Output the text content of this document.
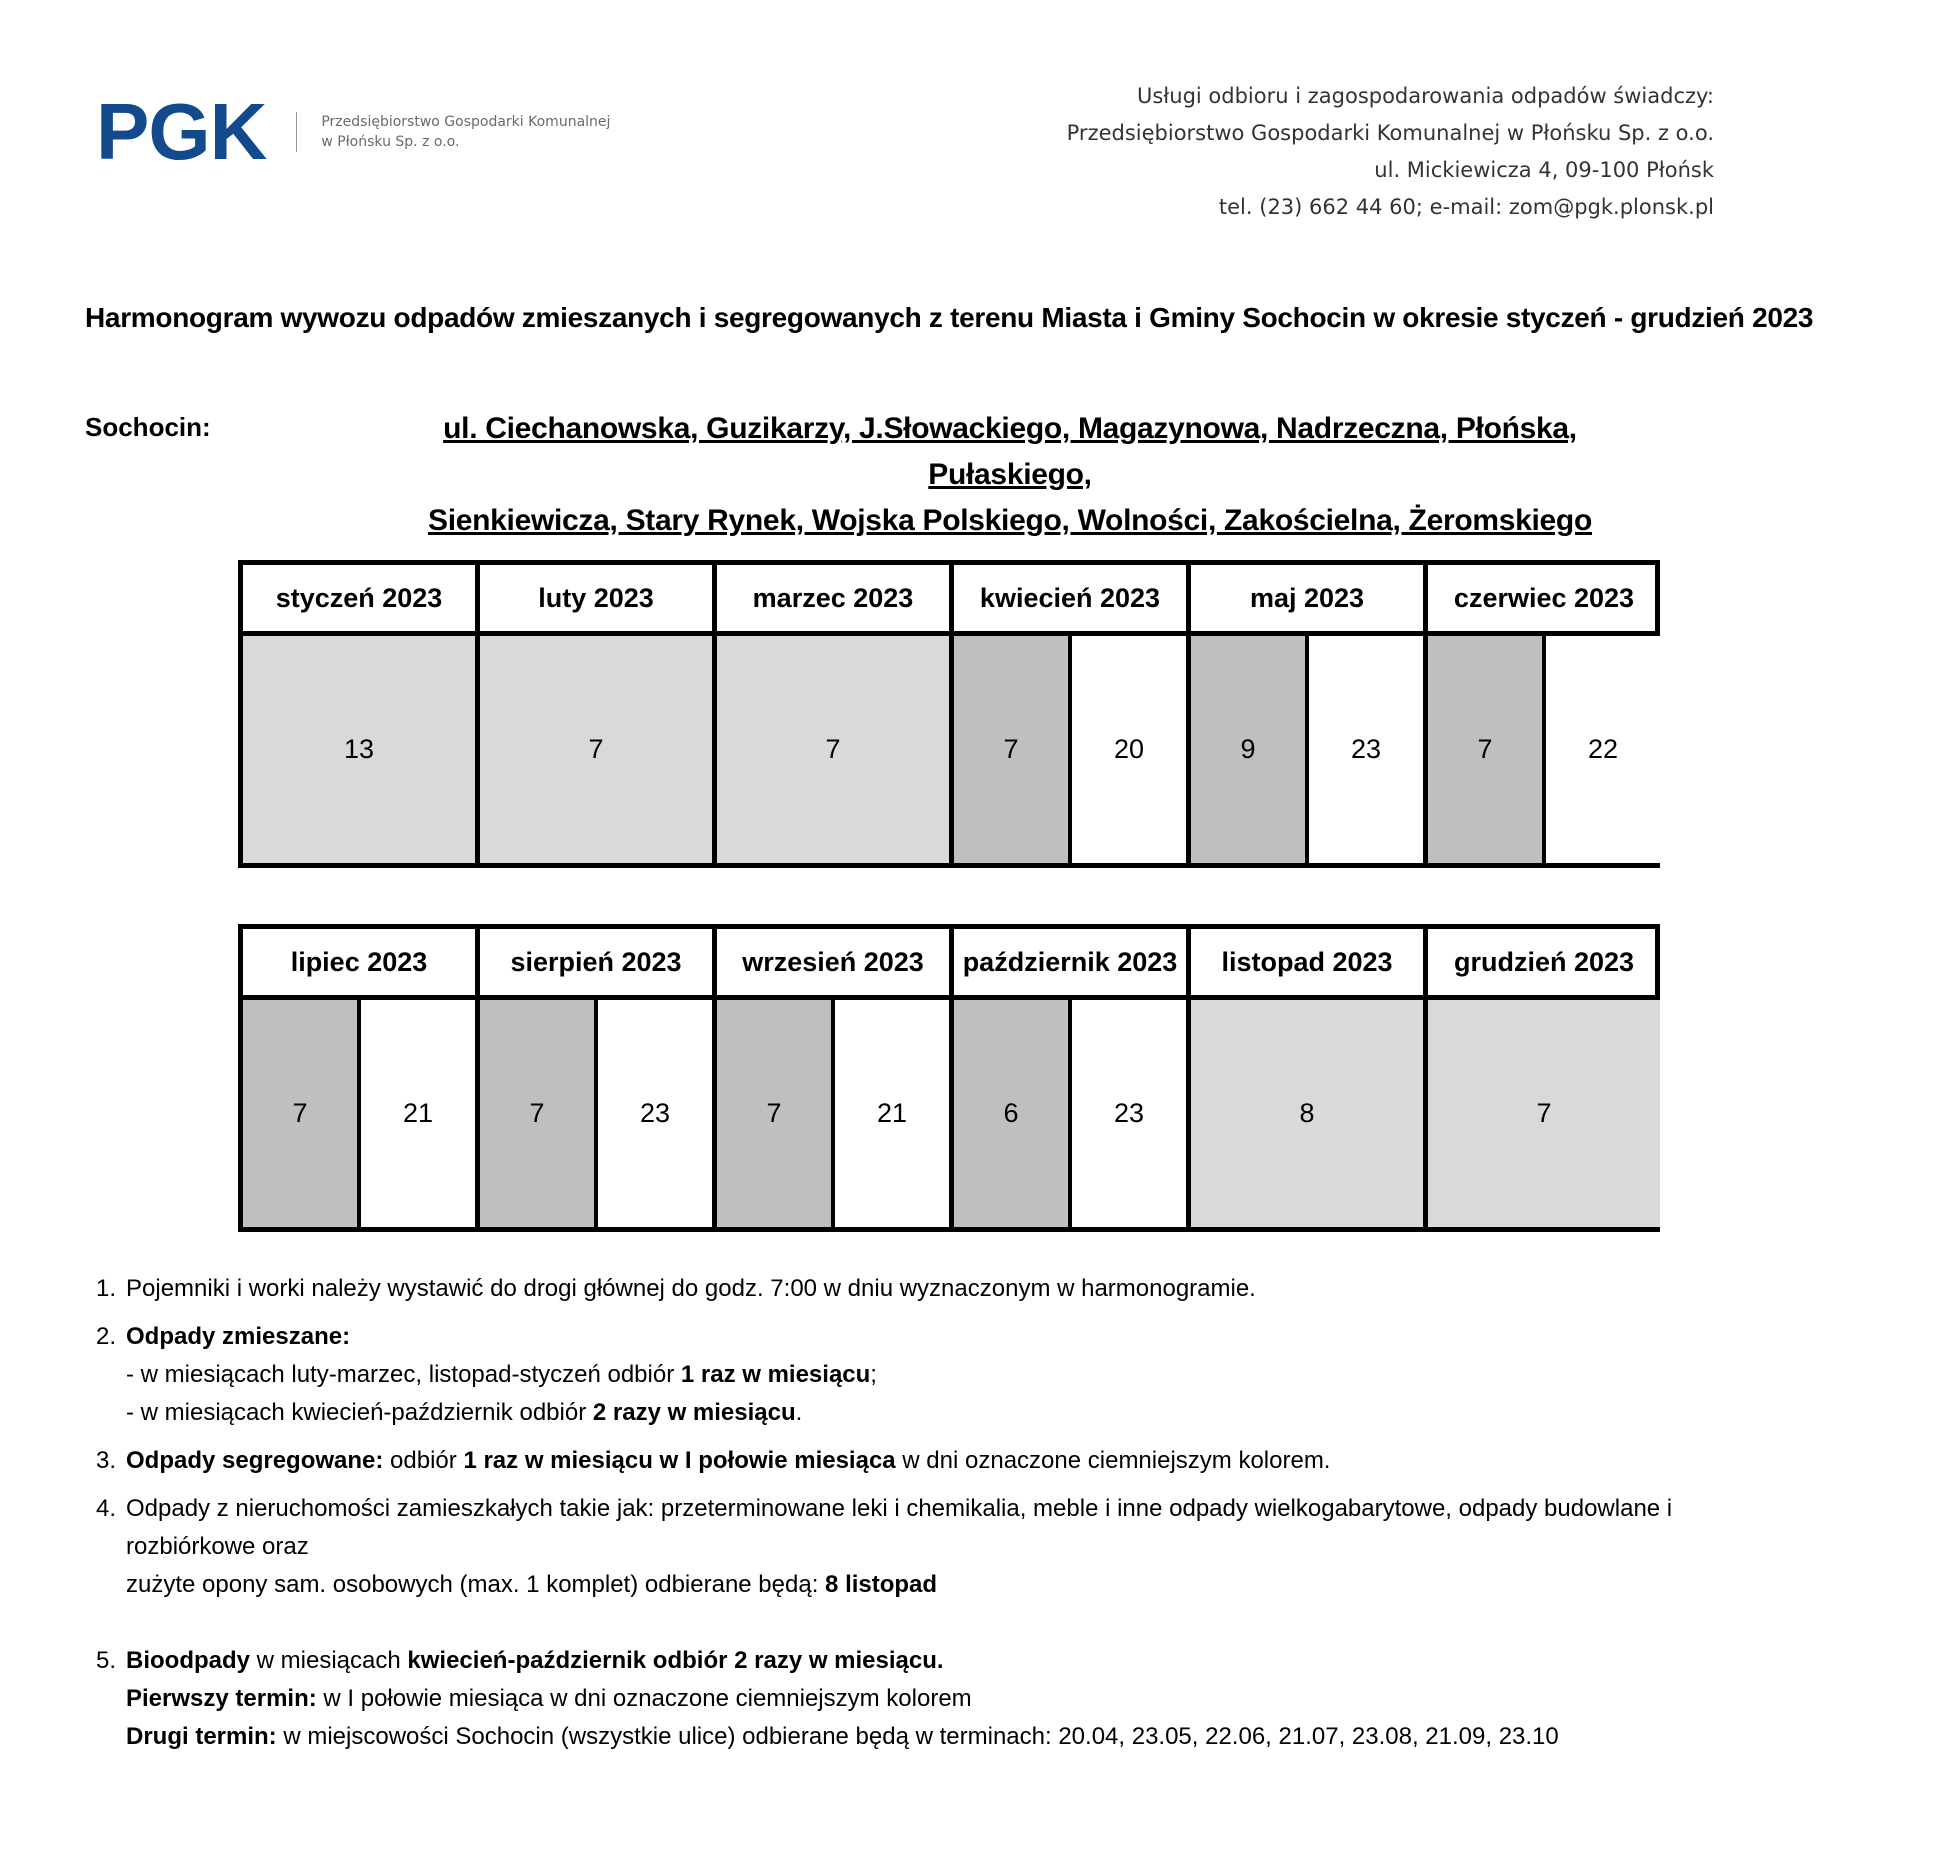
PGK	Przedsiębiorstwo Gospodarki Komunalnej
w Płońsku Sp. z o.o.
Usługi odbioru i zagospodarowania odpadów świadczy:
Przedsiębiorstwo Gospodarki Komunalnej w Płońsku Sp. z o.o.
ul. Mickiewicza 4, 09-100 Płońsk
tel. (23) 662 44 60; e-mail: zom@pgk.plonsk.pl
Harmonogram wywozu odpadów zmieszanych i segregowanych z terenu Miasta i Gminy Sochocin w okresie styczeń - grudzień 2023
Sochocin:	ul. Ciechanowska, Guzikarzy, J.Słowackiego, Magazynowa, Nadrzeczna, Płońska, Pułaskiego,
Sienkiewicza, Stary Rynek, Wojska Polskiego, Wolności, Zakościelna, Żeromskiego
styczeń 2023
13
luty 2023
7
marzec 2023
7
kwiecień 2023
7	20
maj 2023
9	23
czerwiec 2023
7	22
lipiec 2023
7	21
sierpień 2023
7	23
wrzesień 2023
7	21
październik 2023
6	23
listopad 2023
8
grudzień 2023
7
1. Pojemniki i worki należy wystawić do drogi głównej do godz. 7:00 w dniu wyznaczonym w harmonogramie.

2. Odpady zmieszane:
- w miesiącach luty-marzec, listopad-styczeń odbiór 1 raz w miesiącu;
- w miesiącach kwiecień-październik odbiór 2 razy w miesiącu.

3. Odpady segregowane: odbiór 1 raz w miesiącu w I połowie miesiąca w dni oznaczone ciemniejszym kolorem.

4. Odpady z nieruchomości zamieszkałych takie jak: przeterminowane leki i chemikalia, meble i inne odpady wielkogabarytowe, odpady budowlane i rozbiórkowe oraz
zużyte opony sam. osobowych (max. 1 komplet) odbierane będą: 8 listopad

5. Bioodpady w miesiącach kwiecień-październik odbiór 2 razy w miesiącu.
Pierwszy termin: w I połowie miesiąca w dni oznaczone ciemniejszym kolorem
Drugi termin: w miejscowości Sochocin (wszystkie ulice) odbierane będą w terminach: 20.04, 23.05, 22.06, 21.07, 23.08, 21.09, 23.10
